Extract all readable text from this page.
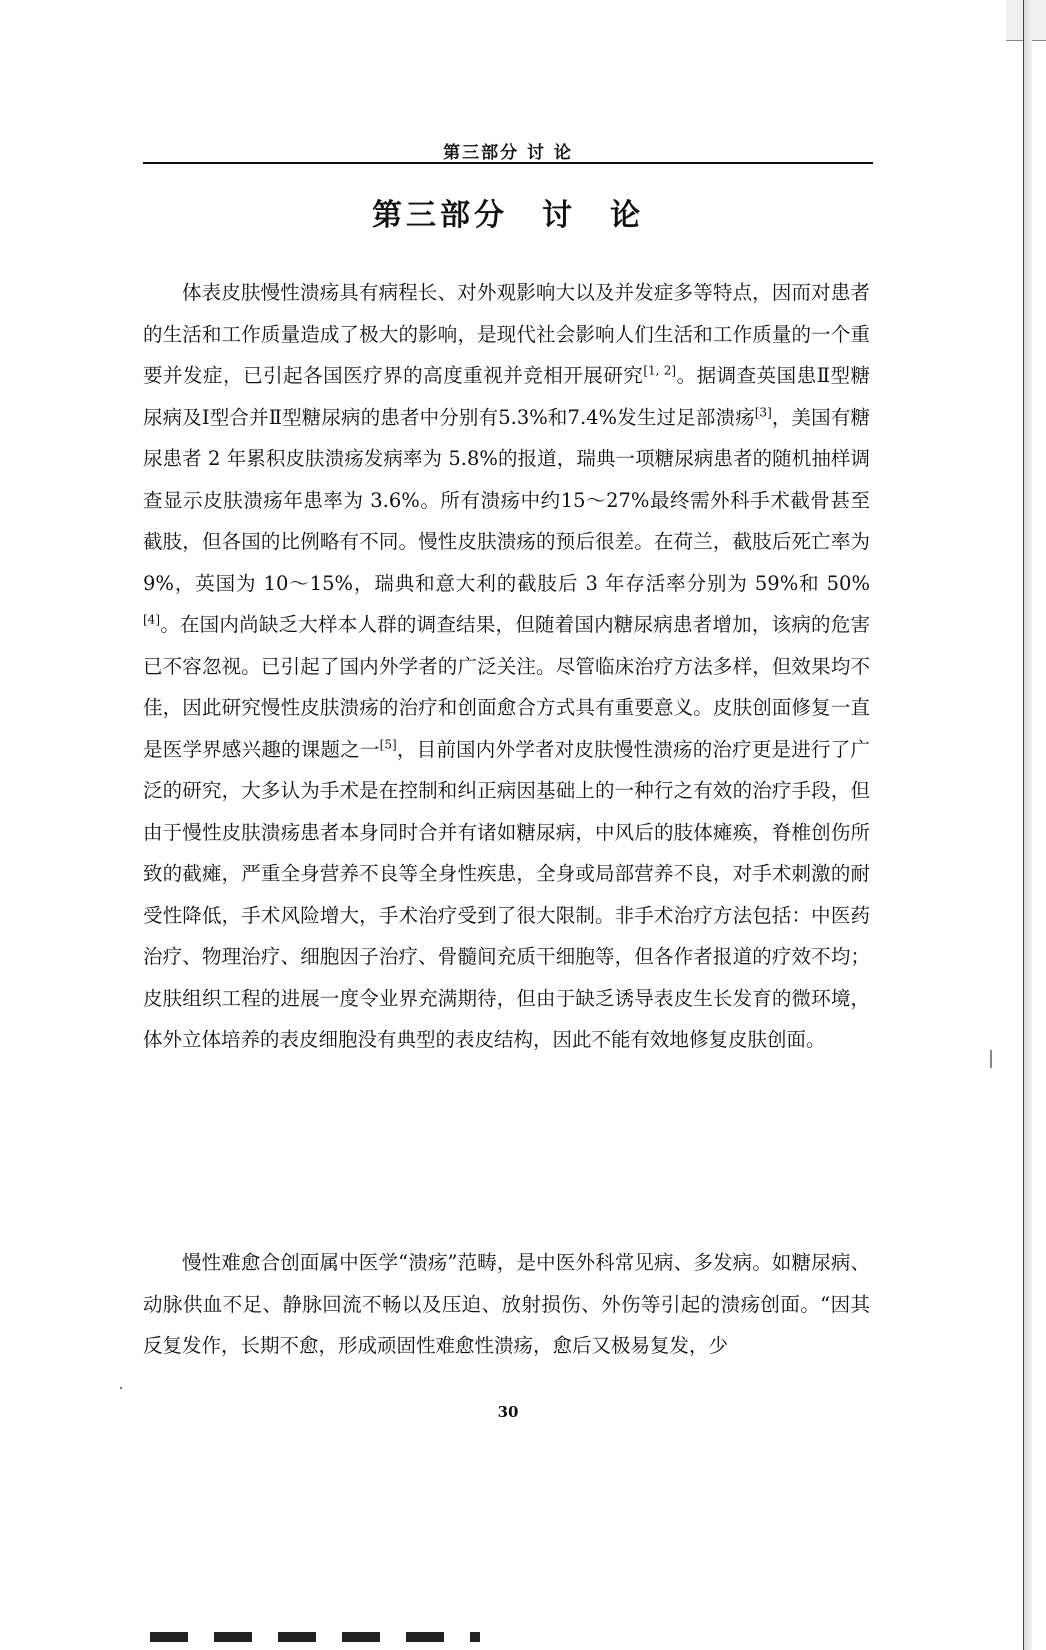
第三部分 讨 论
第三部分　讨　论

体表皮肤慢性溃疡具有病程长、对外观影响大以及并发症多等特点，因而对患者的生活和工作质量造成了极大的影响，是现代社会影响人们生活和工作质量的一个重要并发症，已引起各国医疗界的高度重视并竞相开展研究[1, 2]。据调查英国患Ⅱ型糖尿病及Ⅰ型合并Ⅱ型糖尿病的患者中分别有5.3%和7.4%发生过足部溃疡[3]，美国有糖尿患者 2 年累积皮肤溃疡发病率为 5.8%的报道，瑞典一项糖尿病患者的随机抽样调查显示皮肤溃疡年患率为 3.6%。所有溃疡中约15～27%最终需外科手术截骨甚至截肢，但各国的比例略有不同。慢性皮肤溃疡的预后很差。在荷兰，截肢后死亡率为 9%，英国为 10～15%，瑞典和意大利的截肢后 3 年存活率分别为 59%和 50%[4]。在国内尚缺乏大样本人群的调查结果，但随着国内糖尿病患者增加，该病的危害已不容忽视。已引起了国内外学者的广泛关注。尽管临床治疗方法多样，但效果均不佳，因此研究慢性皮肤溃疡的治疗和创面愈合方式具有重要意义。皮肤创面修复一直是医学界感兴趣的课题之一[5]，目前国内外学者对皮肤慢性溃疡的治疗更是进行了广泛的研究，大多认为手术是在控制和纠正病因基础上的一种行之有效的治疗手段，但由于慢性皮肤溃疡患者本身同时合并有诸如糖尿病，中风后的肢体瘫痪，脊椎创伤所致的截瘫，严重全身营养不良等全身性疾患，全身或局部营养不良，对手术刺激的耐受性降低，手术风险增大，手术治疗受到了很大限制。非手术治疗方法包括：中医药治疗、物理治疗、细胞因子治疗、骨髓间充质干细胞等，但各作者报道的疗效不均；皮肤组织工程的进展一度令业界充满期待，但由于缺乏诱导表皮生长发育的微环境，体外立体培养的表皮细胞没有典型的表皮结构，因此不能有效地修复皮肤创面。

慢性难愈合创面属中医学“溃疡”范畴，是中医外科常见病、多发病。如糖尿病、动脉供血不足、静脉回流不畅以及压迫、放射损伤、外伤等引起的溃疡创面。“因其反复发作，长期不愈，形成顽固性难愈性溃疡，愈后又极易复发，少

30
